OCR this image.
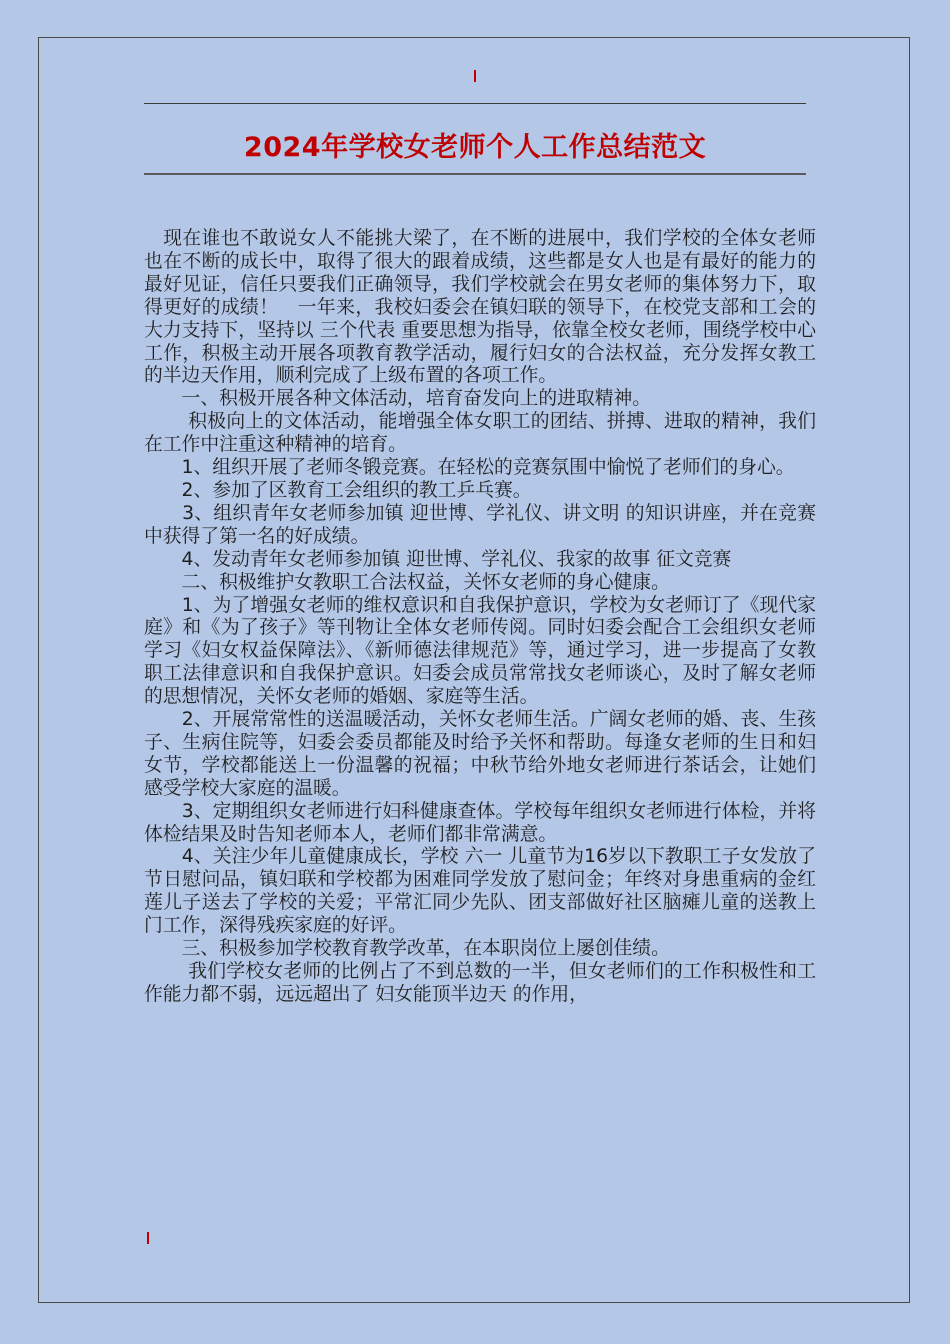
2024年学校女老师个人工作总结范文

　现在谁也不敢说女人不能挑大梁了，在不断的进展中，我们学校的全体女老师也在不断的成长中，取得了很大的跟着成绩，这些都是女人也是有最好的能力的最好见证，信任只要我们正确领导，我们学校就会在男女老师的集体努力下，取得更好的成绩！　一年来，我校妇委会在镇妇联的领导下，在校党支部和工会的大力支持下，坚持以 三个代表 重要思想为指导，依靠全校女老师，围绕学校中心工作，积极主动开展各项教育教学活动，履行妇女的合法权益，充分发挥女教工的半边天作用，顺利完成了上级布置的各项工作。

　　一、积极开展各种文体活动，培育奋发向上的进取精神。

　　 积极向上的文体活动，能增强全体女职工的团结、拼搏、进取的精神，我们在工作中注重这种精神的培育。

　　1、组织开展了老师冬锻竞赛。在轻松的竞赛氛围中愉悦了老师们的身心。

　　2、参加了区教育工会组织的教工乒乓赛。

　　3、组织青年女老师参加镇 迎世博、学礼仪、讲文明 的知识讲座，并在竞赛中获得了第一名的好成绩。

　　4、发动青年女老师参加镇 迎世博、学礼仪、我家的故事 征文竞赛

　　二、积极维护女教职工合法权益，关怀女老师的身心健康。

　　1、为了增强女老师的维权意识和自我保护意识，学校为女老师订了《现代家庭》和《为了孩子》等刊物让全体女老师传阅。同时妇委会配合工会组织女老师学习《妇女权益保障法》、《新师德法律规范》等，通过学习，进一步提高了女教职工法律意识和自我保护意识。妇委会成员常常找女老师谈心，及时了解女老师的思想情况，关怀女老师的婚姻、家庭等生活。

　　2、开展常常性的送温暖活动，关怀女老师生活。广阔女老师的婚、丧、生孩子、生病住院等，妇委会委员都能及时给予关怀和帮助。每逢女老师的生日和妇女节，学校都能送上一份温馨的祝福；中秋节给外地女老师进行茶话会，让她们感受学校大家庭的温暖。

　　3、定期组织女老师进行妇科健康查体。学校每年组织女老师进行体检，并将体检结果及时告知老师本人，老师们都非常满意。

　　4、关注少年儿童健康成长，学校 六一 儿童节为16岁以下教职工子女发放了节日慰问品，镇妇联和学校都为困难同学发放了慰问金；年终对身患重病的金红莲儿子送去了学校的关爱；平常汇同少先队、团支部做好社区脑瘫儿童的送教上门工作，深得残疾家庭的好评。

　　三、积极参加学校教育教学改革，在本职岗位上屡创佳绩。

　　 我们学校女老师的比例占了不到总数的一半，但女老师们的工作积极性和工作能力都不弱，远远超出了 妇女能顶半边天 的作用，
